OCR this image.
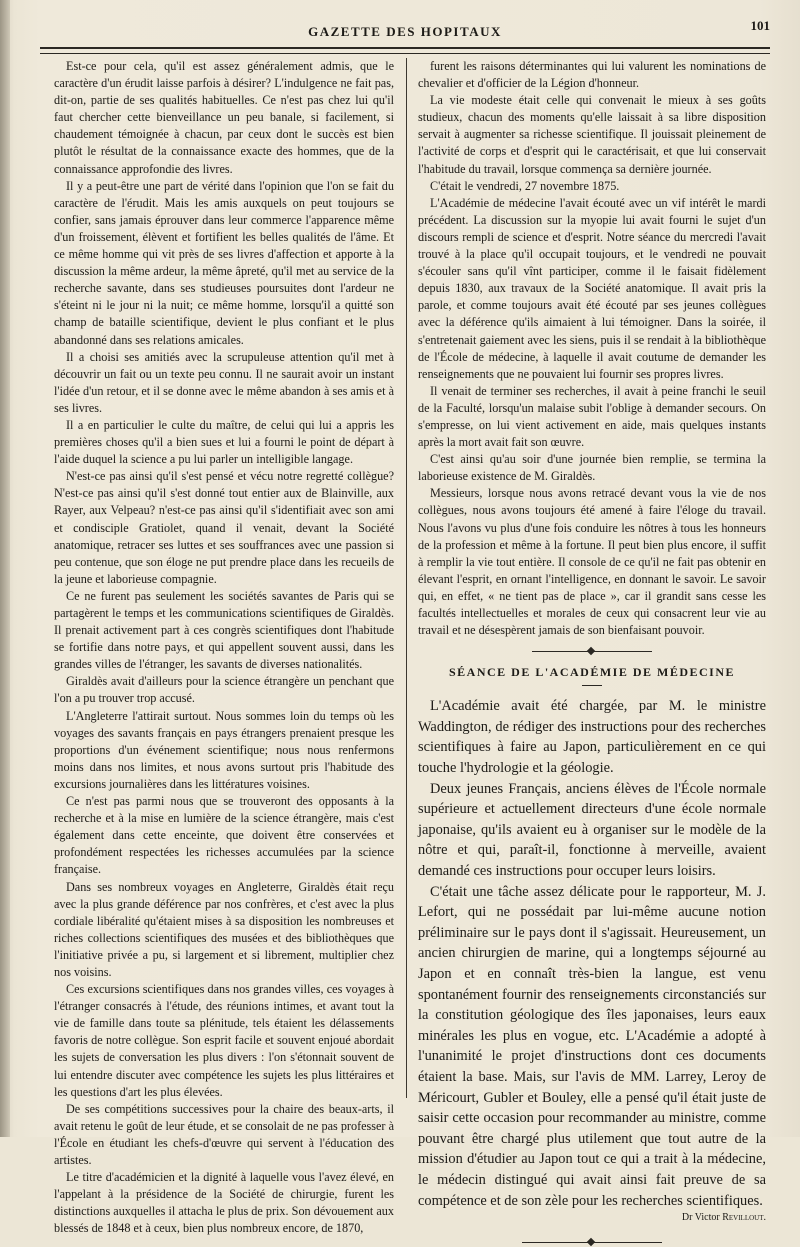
GAZETTE DES HOPITAUX	101

Est-ce pour cela, qu'il est assez généralement admis, que le caractère d'un érudit laisse parfois à désirer? L'indulgence ne fait pas, dit-on, partie de ses qualités habituelles. Ce n'est pas chez lui qu'il faut chercher cette bienveillance un peu banale, si facilement, si chaudement témoignée à chacun, par ceux dont le succès est bien plutôt le résultat de la connaissance exacte des hommes, que de la connaissance approfondie des livres.

Il y a peut-être une part de vérité dans l'opinion que l'on se fait du caractère de l'érudit. Mais les amis auxquels on peut toujours se confier, sans jamais éprouver dans leur commerce l'apparence même d'un froissement, élèvent et fortifient les belles qualités de l'âme. Et ce même homme qui vit près de ses livres d'affection et apporte à la discussion la même ardeur, la même âpreté, qu'il met au service de la recherche savante, dans ses studieuses poursuites dont l'ardeur ne s'éteint ni le jour ni la nuit; ce même homme, lorsqu'il a quitté son champ de bataille scientifique, devient le plus confiant et le plus abandonné dans ses relations amicales.

Il a choisi ses amitiés avec la scrupuleuse attention qu'il met à découvrir un fait ou un texte peu connu. Il ne saurait avoir un instant l'idée d'un retour, et il se donne avec le même abandon à ses amis et à ses livres.

Il a en particulier le culte du maître, de celui qui lui a appris les premières choses qu'il a bien sues et lui a fourni le point de départ à l'aide duquel la science a pu lui parler un intelligible langage.

N'est-ce pas ainsi qu'il s'est pensé et vécu notre regretté collègue? N'est-ce pas ainsi qu'il s'est donné tout entier aux de Blainville, aux Rayer, aux Velpeau? n'est-ce pas ainsi qu'il s'identifiait avec son ami et condisciple Gratiolet, quand il venait, devant la Société anatomique, retracer ses luttes et ses souffrances avec une passion si peu contenue, que son éloge ne put prendre place dans les recueils de la jeune et laborieuse compagnie.

Ce ne furent pas seulement les sociétés savantes de Paris qui se partagèrent le temps et les communications scientifiques de Giraldès. Il prenait activement part à ces congrès scientifiques dont l'habitude se fortifie dans notre pays, et qui appellent souvent aussi, dans les grandes villes de l'étranger, les savants de diverses nationalités.

Giraldès avait d'ailleurs pour la science étrangère un penchant que l'on a pu trouver trop accusé.

L'Angleterre l'attirait surtout. Nous sommes loin du temps où les voyages des savants français en pays étrangers prenaient presque les proportions d'un événement scientifique; nous nous renfermons moins dans nos limites, et nous avons surtout pris l'habitude des excursions journalières dans les littératures voisines.

Ce n'est pas parmi nous que se trouveront des opposants à la recherche et à la mise en lumière de la science étrangère, mais c'est également dans cette enceinte, que doivent être conservées et profondément respectées les richesses accumulées par la science française.

Dans ses nombreux voyages en Angleterre, Giraldès était reçu avec la plus grande déférence par nos confrères, et c'est avec la plus cordiale libéralité qu'étaient mises à sa disposition les nombreuses et riches collections scientifiques des musées et des bibliothèques que l'initiative privée a pu, si largement et si librement, multiplier chez nos voisins.

Ces excursions scientifiques dans nos grandes villes, ces voyages à l'étranger consacrés à l'étude, des réunions intimes, et avant tout la vie de famille dans toute sa plénitude, tels étaient les délassements favoris de notre collègue. Son esprit facile et souvent enjoué abordait les sujets de conversation les plus divers : l'on s'étonnait souvent de lui entendre discuter avec compétence les sujets les plus littéraires et les questions d'art les plus élevées.

De ses compétitions successives pour la chaire des beaux-arts, il avait retenu le goût de leur étude, et se consolait de ne pas professer à l'École en étudiant les chefs-d'œuvre qui servent à l'éducation des artistes.

Le titre d'académicien et la dignité à laquelle vous l'avez élevé, en l'appelant à la présidence de la Société de chirurgie, furent les distinctions auxquelles il attacha le plus de prix. Son dévouement aux blessés de 1848 et à ceux, bien plus nombreux encore, de 1870,

furent les raisons déterminantes qui lui valurent les nominations de chevalier et d'officier de la Légion d'honneur.

La vie modeste était celle qui convenait le mieux à ses goûts studieux, chacun des moments qu'elle laissait à sa libre disposition servait à augmenter sa richesse scientifique. Il jouissait pleinement de l'activité de corps et d'esprit qui le caractérisait, et que lui conservait l'habitude du travail, lorsque commença sa dernière journée.

C'était le vendredi, 27 novembre 1875.

L'Académie de médecine l'avait écouté avec un vif intérêt le mardi précédent. La discussion sur la myopie lui avait fourni le sujet d'un discours rempli de science et d'esprit. Notre séance du mercredi l'avait trouvé à la place qu'il occupait toujours, et le vendredi ne pouvait s'écouler sans qu'il vînt participer, comme il le faisait fidèlement depuis 1830, aux travaux de la Société anatomique. Il avait pris la parole, et comme toujours avait été écouté par ses jeunes collègues avec la déférence qu'ils aimaient à lui témoigner. Dans la soirée, il s'entretenait gaiement avec les siens, puis il se rendait à la bibliothèque de l'École de médecine, à laquelle il avait coutume de demander les renseignements que ne pouvaient lui fournir ses propres livres.

Il venait de terminer ses recherches, il avait à peine franchi le seuil de la Faculté, lorsqu'un malaise subit l'oblige à demander secours. On s'empresse, on lui vient activement en aide, mais quelques instants après la mort avait fait son œuvre.

C'est ainsi qu'au soir d'une journée bien remplie, se termina la laborieuse existence de M. Giraldès.

Messieurs, lorsque nous avons retracé devant vous la vie de nos collègues, nous avons toujours été amené à faire l'éloge du travail. Nous l'avons vu plus d'une fois conduire les nôtres à tous les honneurs de la profession et même à la fortune. Il peut bien plus encore, il suffit à remplir la vie tout entière. Il console de ce qu'il ne fait pas obtenir en élevant l'esprit, en ornant l'intelligence, en donnant le savoir. Le savoir qui, en effet, « ne tient pas de place », car il grandit sans cesse les facultés intellectuelles et morales de ceux qui consacrent leur vie au travail et ne désespèrent jamais de son bienfaisant pouvoir.

SÉANCE DE L'ACADÉMIE DE MÉDECINE

L'Académie avait été chargée, par M. le ministre Waddington, de rédiger des instructions pour des recherches scientifiques à faire au Japon, particulièrement en ce qui touche l'hydrologie et la géologie.

Deux jeunes Français, anciens élèves de l'École normale supérieure et actuellement directeurs d'une école normale japonaise, qu'ils avaient eu à organiser sur le modèle de la nôtre et qui, paraît-il, fonctionne à merveille, avaient demandé ces instructions pour occuper leurs loisirs.

C'était une tâche assez délicate pour le rapporteur, M. J. Lefort, qui ne possédait par lui-même aucune notion préliminaire sur le pays dont il s'agissait. Heureusement, un ancien chirurgien de marine, qui a longtemps séjourné au Japon et en connaît très-bien la langue, est venu spontanément fournir des renseignements circonstanciés sur la constitution géologique des îles japonaises, leurs eaux minérales les plus en vogue, etc. L'Académie a adopté à l'unanimité le projet d'instructions dont ces documents étaient la base. Mais, sur l'avis de MM. Larrey, Leroy de Méricourt, Gubler et Bouley, elle a pensé qu'il était juste de saisir cette occasion pour recommander au ministre, comme pouvant être chargé plus utilement que tout autre de la mission d'étudier au Japon tout ce qui a trait à la médecine, le médecin distingué qui avait ainsi fait preuve de sa compétence et de son zèle pour les recherches scientifiques.

Dr Victor Revillout.
